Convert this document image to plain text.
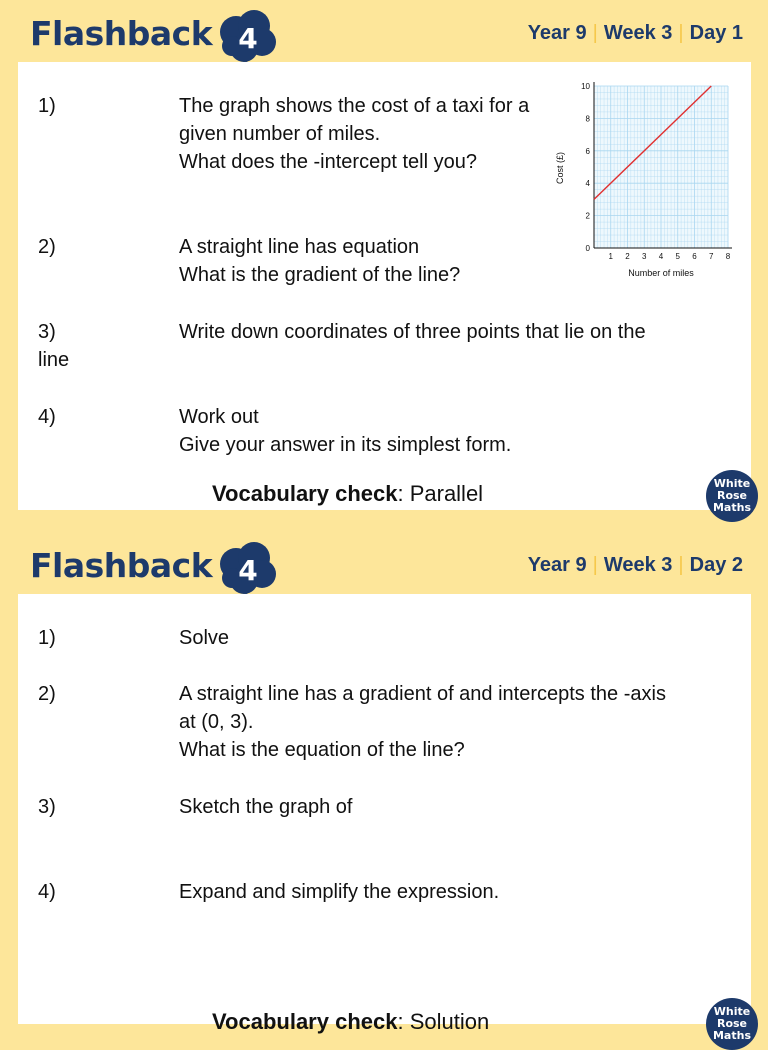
Flashback 4	Year 9 | Week 3 | Day 1
1)	The graph shows the cost of a taxi for a
given number of miles.
What does the -intercept tell you?
2)	A straight line has equation
What is the gradient of the line?
3)	Write down coordinates of three points that lie on the
line
4)	Work out
Give your answer in its simplest form.
Vocabulary check: Parallel
1 2 3 4 5 6 7 8
0
2
4
6
8
10
Number of miles
Cost (£)
White
Rose
Maths
Flashback 4	Year 9 | Week 3 | Day 2
1)	Solve
2)	A straight line has a gradient of and intercepts the -axis
at (0, 3).
What is the equation of the line?
3)	Sketch the graph of
4)	Expand and simplify the expression.
Vocabulary check: Solution	White
Rose
Maths
